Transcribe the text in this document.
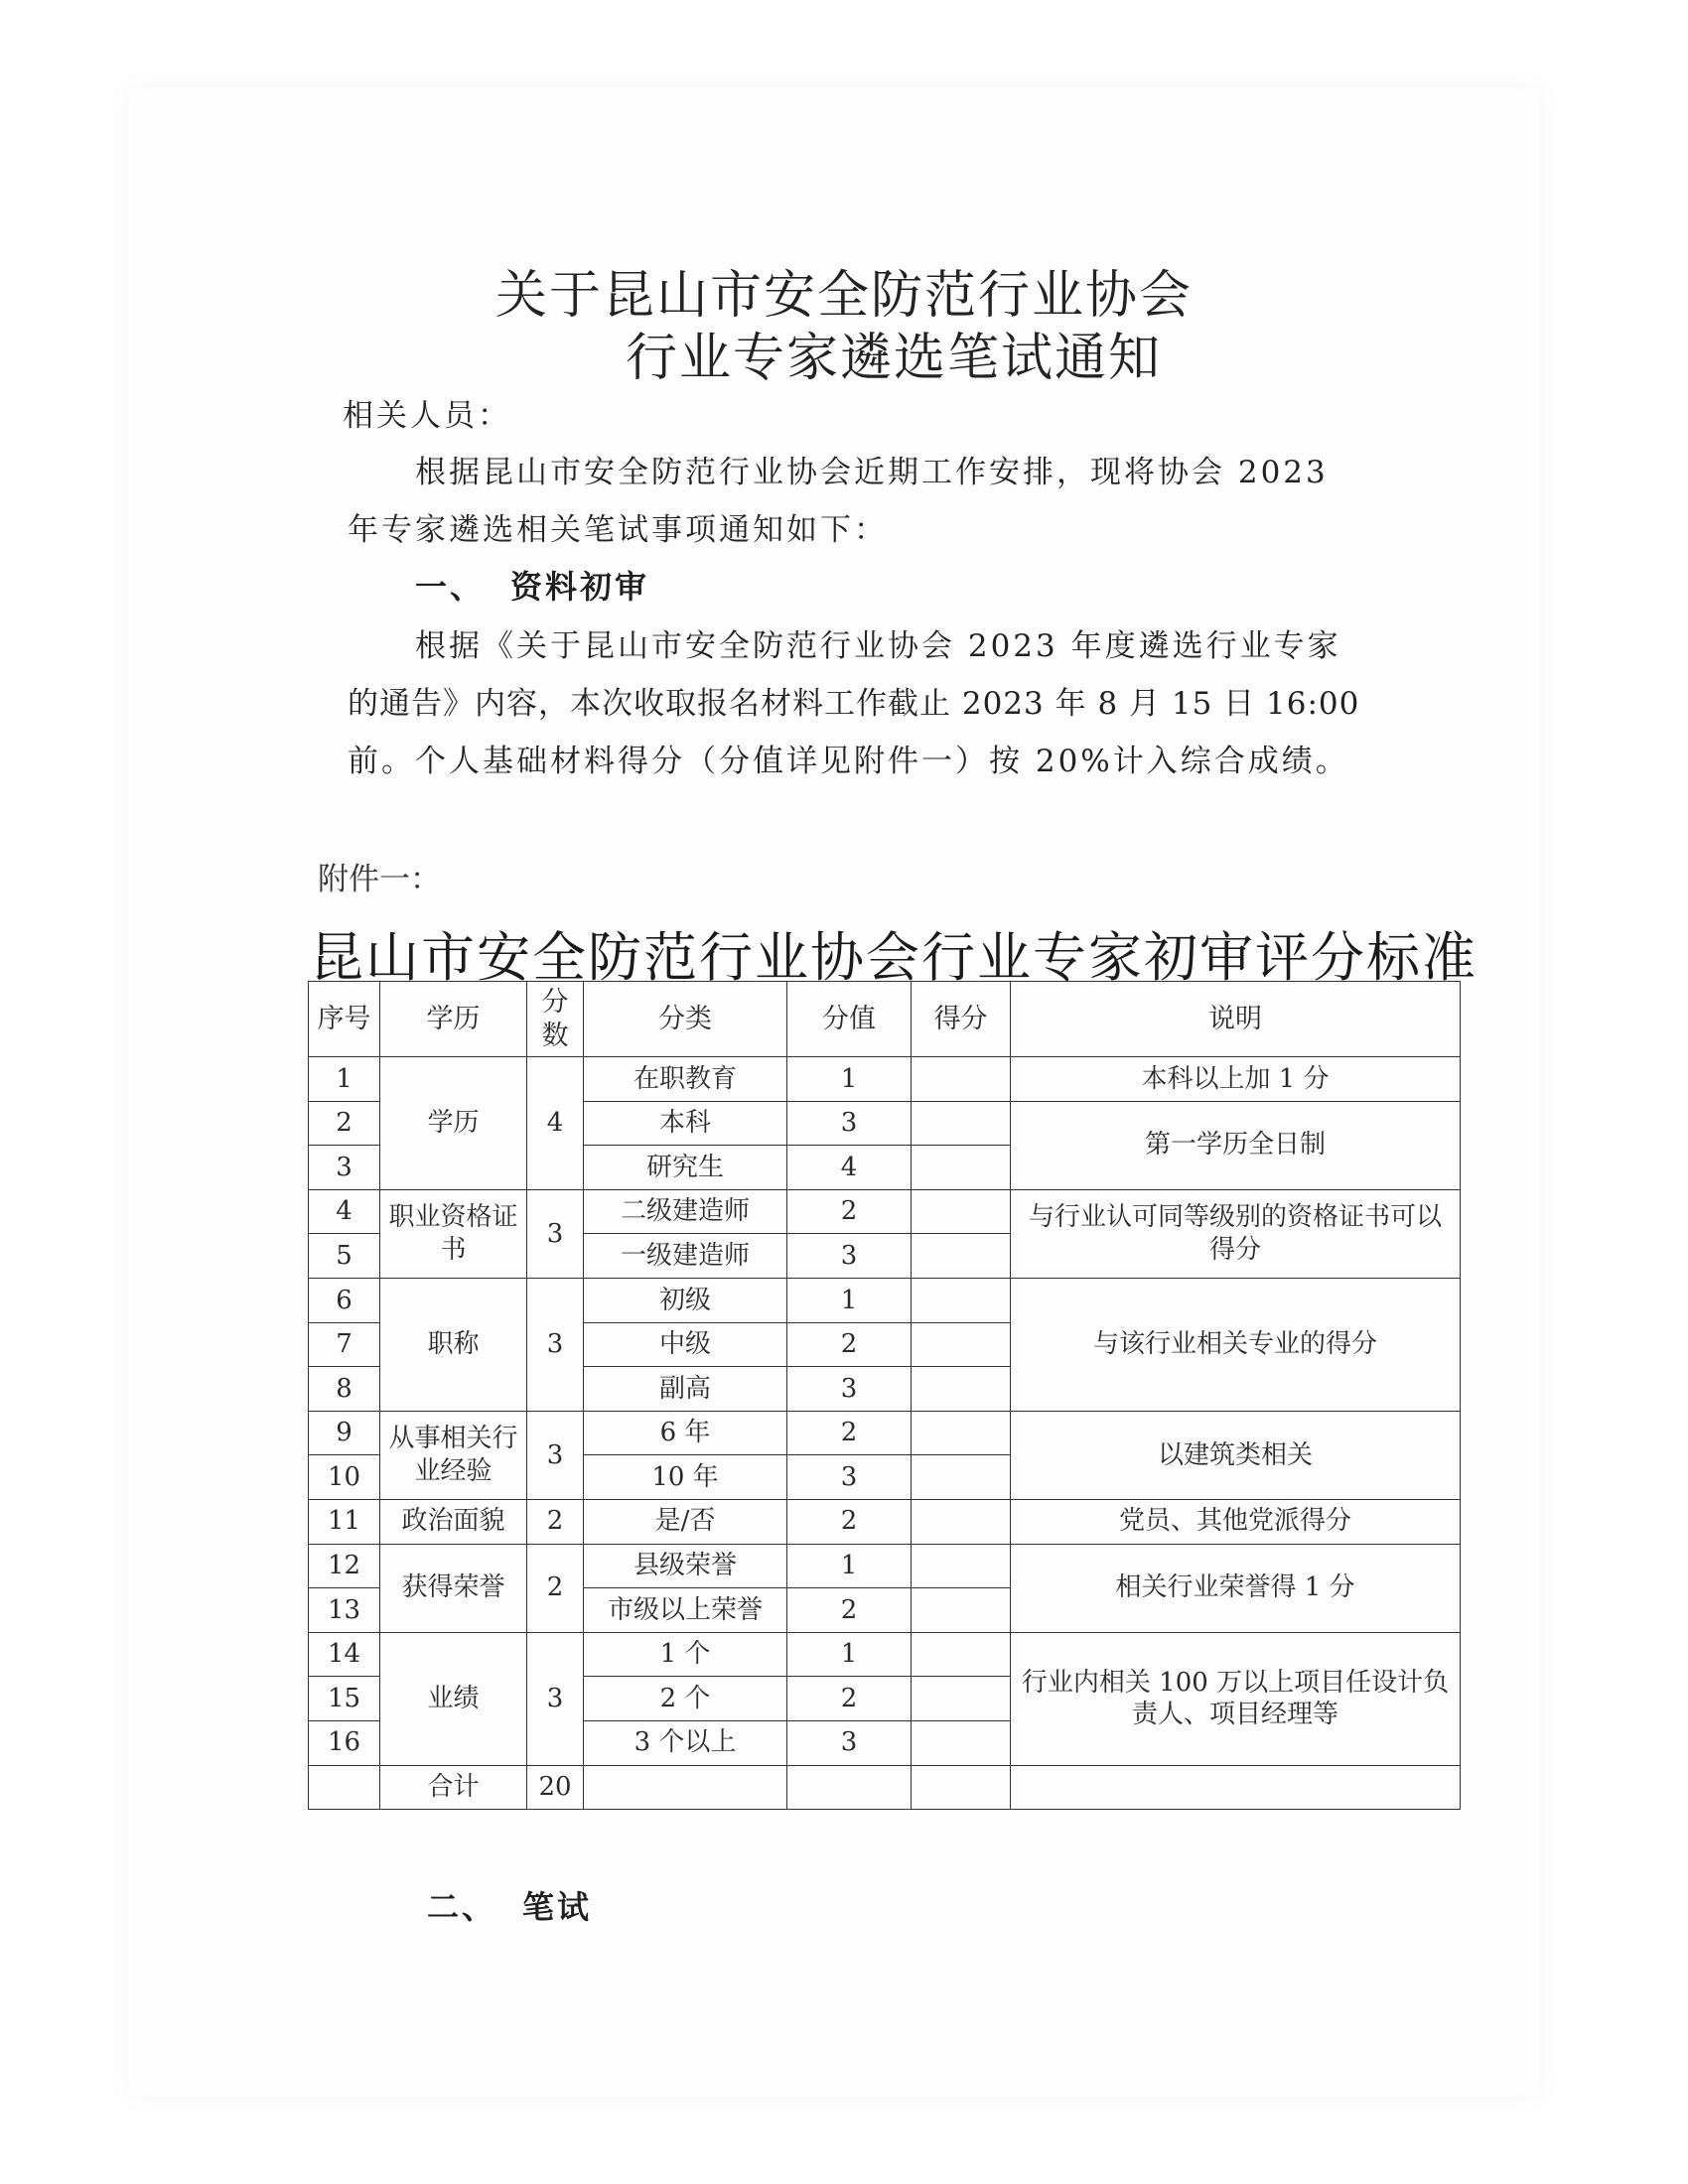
关于昆山市安全防范行业协会
行业专家遴选笔试通知
相关人员：
根据昆山市安全防范行业协会近期工作安排，现将协会 2023
年专家遴选相关笔试事项通知如下：
一、 资料初审
根据《关于昆山市安全防范行业协会 2023 年度遴选行业专家
的通告》内容，本次收取报名材料工作截止 2023 年 8 月 15 日 16:00
前。个人基础材料得分（分值详见附件一）按 20%计入综合成绩。
附件一：
昆山市安全防范行业协会行业专家初审评分标准
序号	学历	分数	分类	分值	得分	说明
1	学历	4	在职教育	1		本科以上加 1 分
2			本科	3		第一学历全日制
3			研究生	4		
4	职业资格证书	3	二级建造师	2		与行业认可同等级别的资格证书可以得分
5			一级建造师	3		
6	职称	3	初级	1		与该行业相关专业的得分
7			中级	2		
8			副高	3		
9	从事相关行业经验	3	6 年	2		以建筑类相关
10			10 年	3		
11	政治面貌	2	是/否	2		党员、其他党派得分
12	获得荣誉	2	县级荣誉	1		相关行业荣誉得 1 分
13			市级以上荣誉	2		
14	业绩	3	1 个	1		行业内相关 100 万以上项目任设计负责人、项目经理等
15			2 个	2		
16			3 个以上	3		
	合计	20				
二、 笔试
